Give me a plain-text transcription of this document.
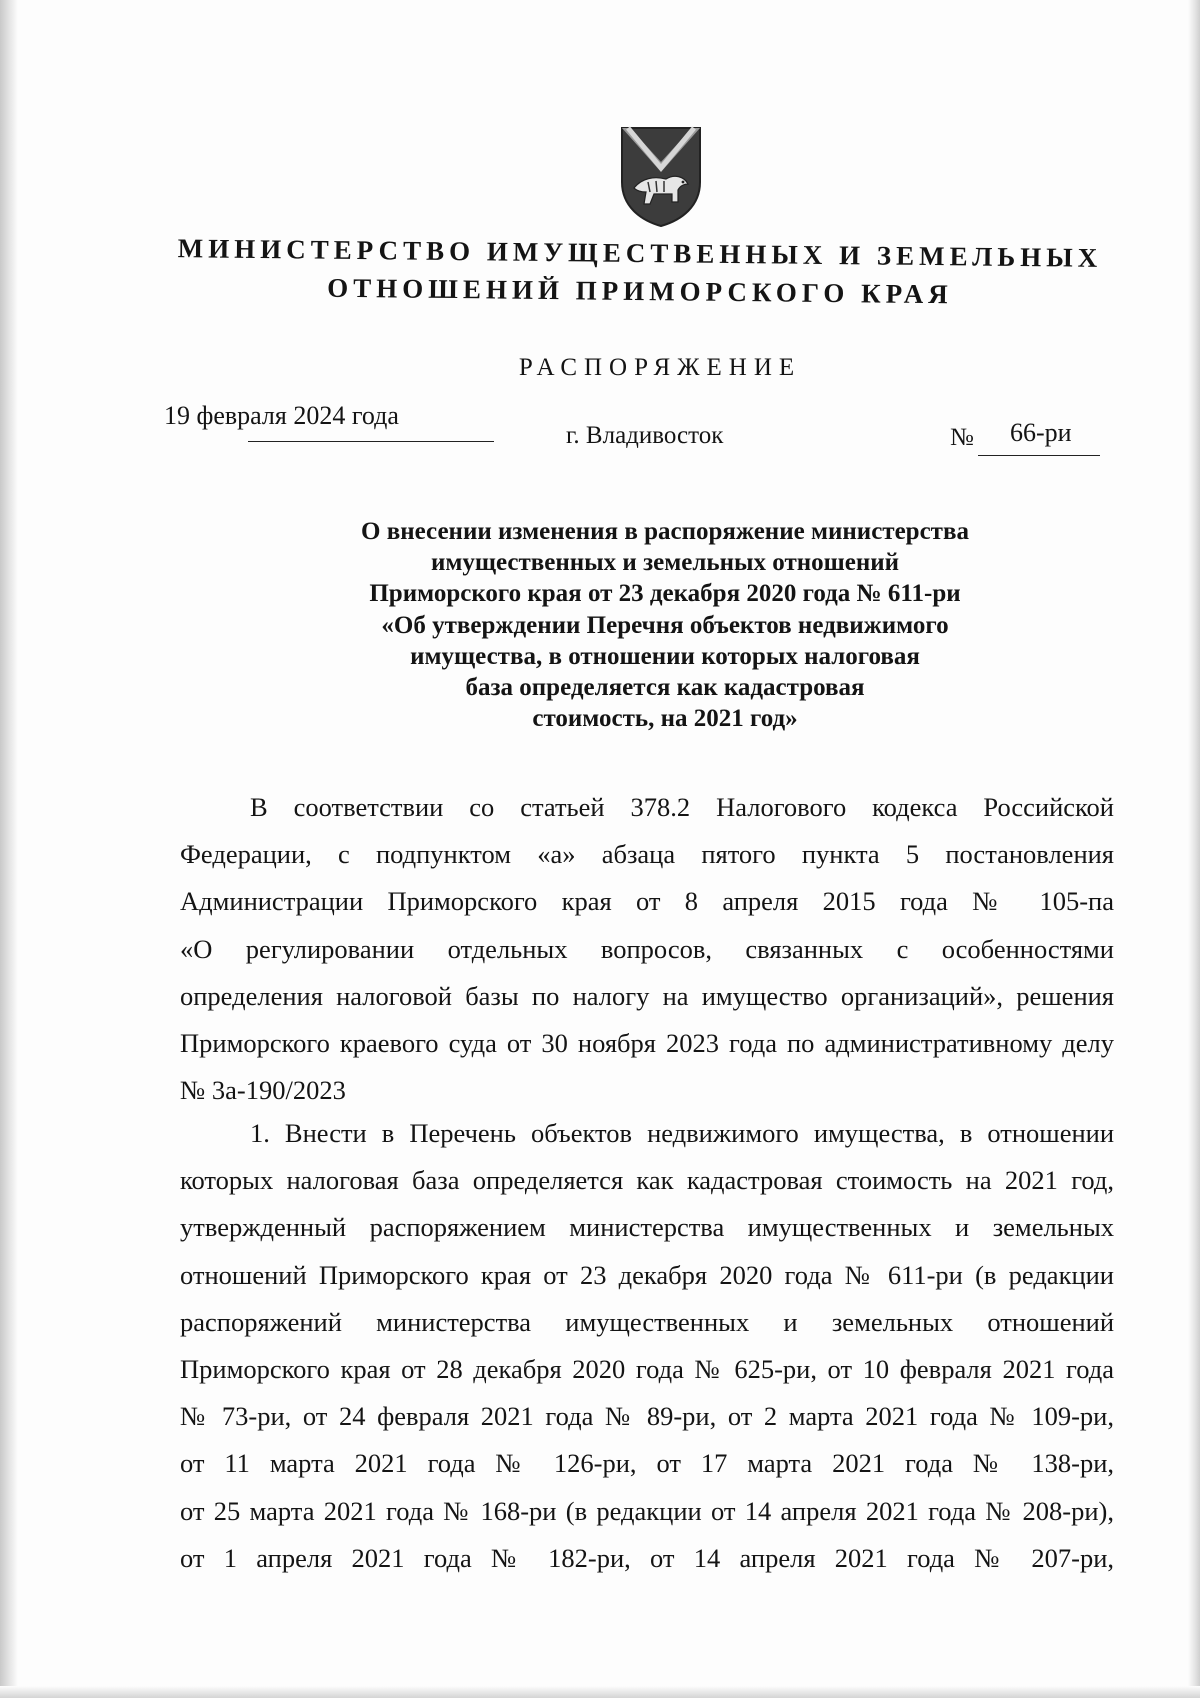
МИНИСТЕРСТВО ИМУЩЕСТВЕННЫХ И ЗЕМЕЛЬНЫХ

ОТНОШЕНИЙ ПРИМОРСКОГО КРАЯ

РАСПОРЯЖЕНИЕ

19 февраля 2024 года
г. Владивосток	№ 66-ри
О внесении изменения в распоряжение министерства
имущественных и земельных отношений
Приморского края от 23 декабря 2020 года № 611-ри
«Об утверждении Перечня объектов недвижимого
имущества, в отношении которых налоговая
база определяется как кадастровая
стоимость, на 2021 год»
В соответствии со статьей 378.2 Налогового кодекса Российской
Федерации, с подпунктом «а» абзаца пятого пункта 5 постановления
Администрации Приморского края от 8 апреля 2015 года № 105-па
«О регулировании отдельных вопросов, связанных с особенностями
определения налоговой базы по налогу на имущество организаций», решения
Приморского краевого суда от 30 ноября 2023 года по административному делу
№ 3а-190/2023
1. Внести в Перечень объектов недвижимого имущества, в отношении
которых налоговая база определяется как кадастровая стоимость на 2021 год,
утвержденный распоряжением министерства имущественных и земельных
отношений Приморского края от 23 декабря 2020 года № 611-ри (в редакции
распоряжений министерства имущественных и земельных отношений
Приморского края от 28 декабря 2020 года № 625-ри, от 10 февраля 2021 года
№ 73-ри, от 24 февраля 2021 года № 89-ри, от 2 марта 2021 года № 109-ри,
от 11 марта 2021 года № 126-ри, от 17 марта 2021 года № 138-ри,
от 25 марта 2021 года № 168-ри (в редакции от 14 апреля 2021 года № 208-ри),
от 1 апреля 2021 года № 182-ри, от 14 апреля 2021 года № 207-ри,
